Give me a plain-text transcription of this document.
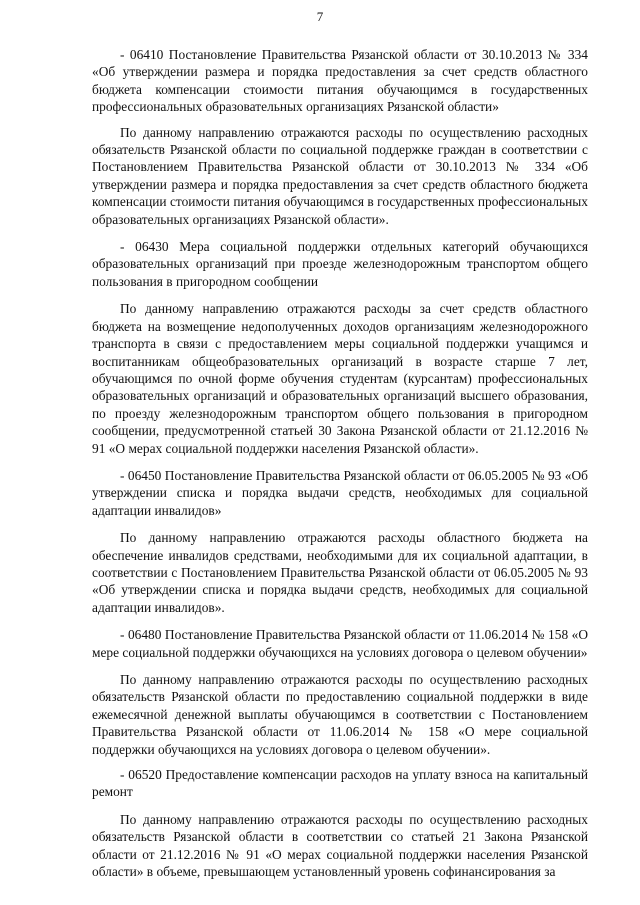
7

- 06410 Постановление Правительства Рязанской области от 30.10.2013 № 334 «Об утверждении размера и порядка предоставления за счет средств областного бюджета компенсации стоимости питания обучающимся в государственных профессиональных образовательных организациях Рязанской области»

По данному направлению отражаются расходы по осуществлению расходных обязательств Рязанской области по социальной поддержке граждан в соответствии с Постановлением Правительства Рязанской области от 30.10.2013 № 334 «Об утверждении размера и порядка предоставления за счет средств областного бюджета компенсации стоимости питания обучающимся в государственных профессиональных образовательных организациях Рязанской области».

- 06430 Мера социальной поддержки отдельных категорий обучающихся образовательных организаций при проезде железнодорожным транспортом общего пользования в пригородном сообщении

По данному направлению отражаются расходы за счет средств областного бюджета на возмещение недополученных доходов организациям железнодорожного транспорта в связи с предоставлением меры социальной поддержки учащимся и воспитанникам общеобразовательных организаций в возрасте старше 7 лет, обучающимся по очной форме обучения студентам (курсантам) профессиональных образовательных организаций и образовательных организаций высшего образования, по проезду железнодорожным транспортом общего пользования в пригородном сообщении, предусмотренной статьей 30 Закона Рязанской области от 21.12.2016 № 91 «О мерах социальной поддержки населения Рязанской области».

- 06450 Постановление Правительства Рязанской области от 06.05.2005 № 93 «Об утверждении списка и порядка выдачи средств, необходимых для социальной адаптации инвалидов»

По данному направлению отражаются расходы областного бюджета на обеспечение инвалидов средствами, необходимыми для их социальной адаптации, в соответствии с Постановлением Правительства Рязанской области от 06.05.2005 № 93 «Об утверждении списка и порядка выдачи средств, необходимых для социальной адаптации инвалидов».

- 06480 Постановление Правительства Рязанской области от 11.06.2014 № 158 «О мере социальной поддержки обучающихся на условиях договора о целевом обучении»

По данному направлению отражаются расходы по осуществлению расходных обязательств Рязанской области по предоставлению социальной поддержки в виде ежемесячной денежной выплаты обучающимся в соответствии с Постановлением Правительства Рязанской области от 11.06.2014 № 158 «О мере социальной поддержки обучающихся на условиях договора о целевом обучении».

- 06520 Предоставление компенсации расходов на уплату взноса на капитальный ремонт

По данному направлению отражаются расходы по осуществлению расходных обязательств Рязанской области в соответствии со статьей 21 Закона Рязанской области от 21.12.2016 № 91 «О мерах социальной поддержки населения Рязанской области» в объеме, превышающем установленный уровень софинансирования за
